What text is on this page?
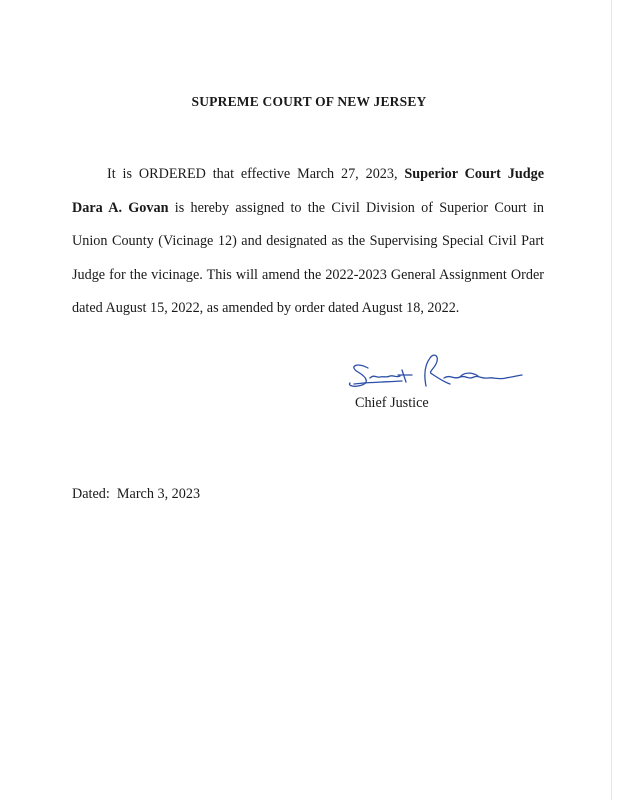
SUPREME COURT OF NEW JERSEY

It is ORDERED that effective March 27, 2023, Superior Court Judge Dara A. Govan is hereby assigned to the Civil Division of Superior Court in Union County (Vicinage 12) and designated as the Supervising Special Civil Part Judge for the vicinage. This will amend the 2022-2023 General Assignment Order dated August 15, 2022, as amended by order dated August 18, 2022.

Chief Justice
Dated: March 3, 2023
